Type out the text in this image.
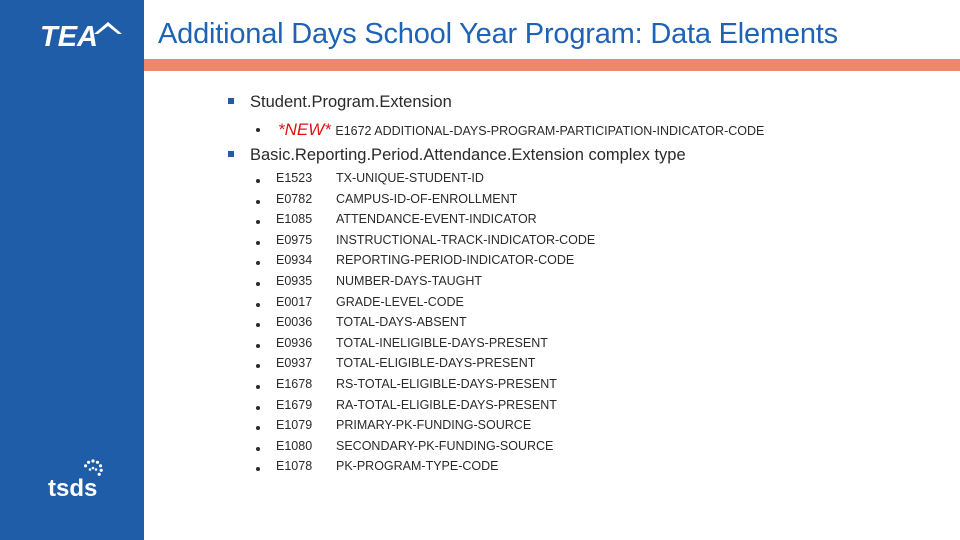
TEA
tsds
Additional Days School Year Program: Data Elements
Student.Program.Extension
*NEW* E1672 ADDITIONAL-DAYS-PROGRAM-PARTICIPATION-INDICATOR-CODE
Basic.Reporting.Period.Attendance.Extension complex type
E1523 TX-UNIQUE-STUDENT-ID
E0782 CAMPUS-ID-OF-ENROLLMENT
E1085 ATTENDANCE-EVENT-INDICATOR
E0975 INSTRUCTIONAL-TRACK-INDICATOR-CODE
E0934 REPORTING-PERIOD-INDICATOR-CODE
E0935 NUMBER-DAYS-TAUGHT
E0017 GRADE-LEVEL-CODE
E0036 TOTAL-DAYS-ABSENT
E0936 TOTAL-INELIGIBLE-DAYS-PRESENT
E0937 TOTAL-ELIGIBLE-DAYS-PRESENT
E1678 RS-TOTAL-ELIGIBLE-DAYS-PRESENT
E1679 RA-TOTAL-ELIGIBLE-DAYS-PRESENT
E1079 PRIMARY-PK-FUNDING-SOURCE
E1080 SECONDARY-PK-FUNDING-SOURCE
E1078 PK-PROGRAM-TYPE-CODE
